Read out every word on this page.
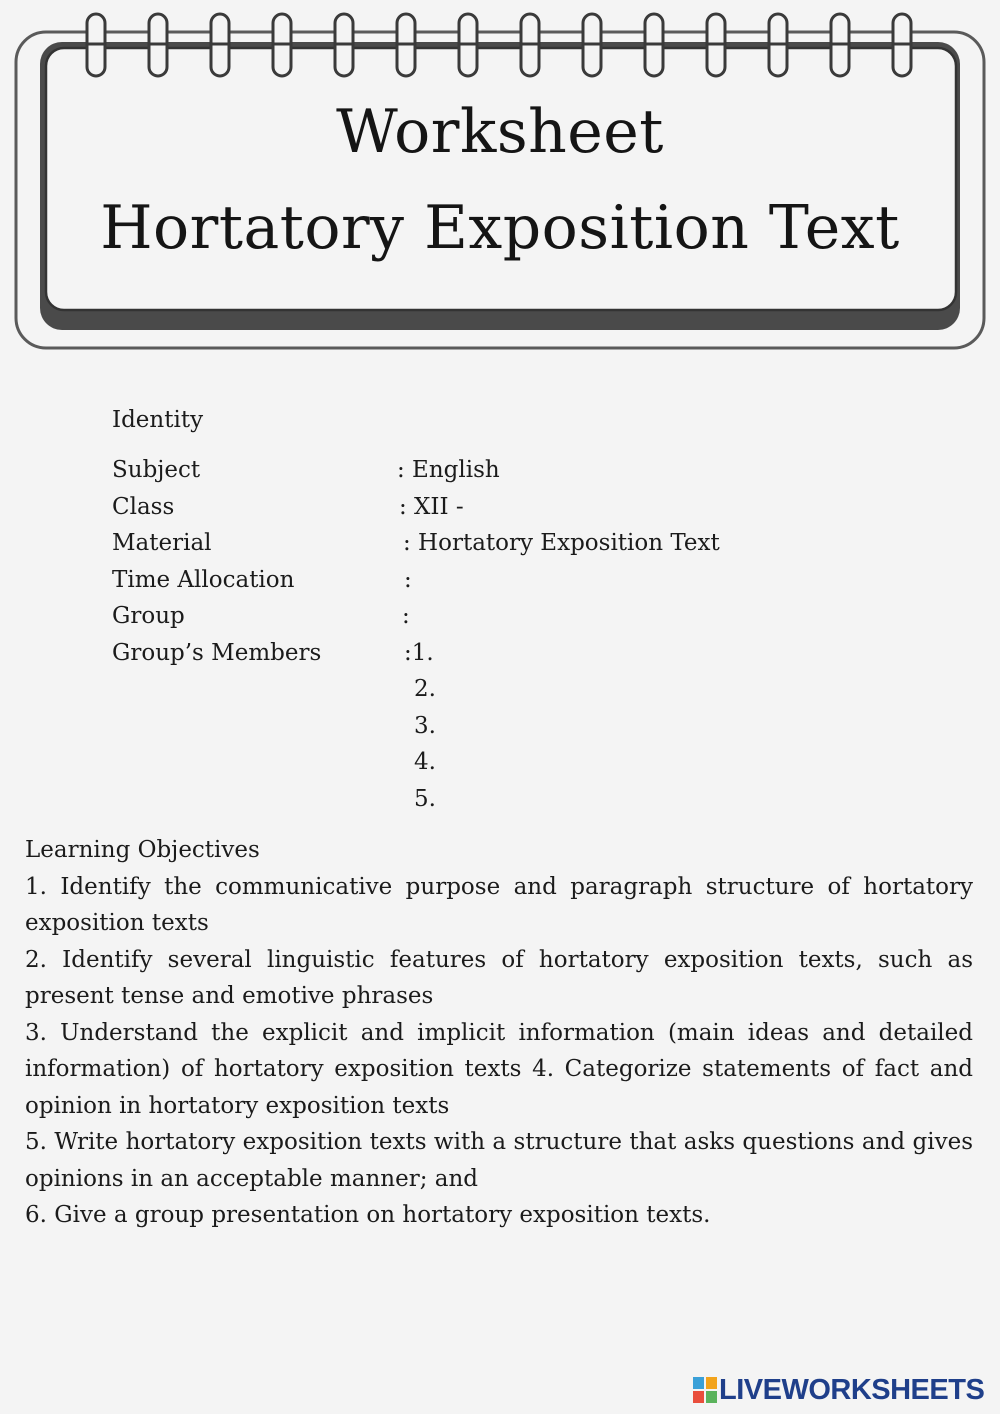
Worksheet
Hortatory Exposition Text
Identity
Subject	: English
Class	: XII -
Material	: Hortatory Exposition Text
Time Allocation	:
Group	:
Group’s Members	:1.
2.
3.
4.
5.

Learning Objectives

1. Identify the communicative purpose and paragraph structure of hortatory exposition texts

2. Identify several linguistic features of hortatory exposition texts, such as present tense and emotive phrases

3. Understand the explicit and implicit information (main ideas and detailed information) of hortatory exposition texts 4. Categorize statements of fact and opinion in hortatory exposition texts

5. Write hortatory exposition texts with a structure that asks questions and gives opinions in an acceptable manner; and

6. Give a group presentation on hortatory exposition texts.

LIVEWORKSHEETS
